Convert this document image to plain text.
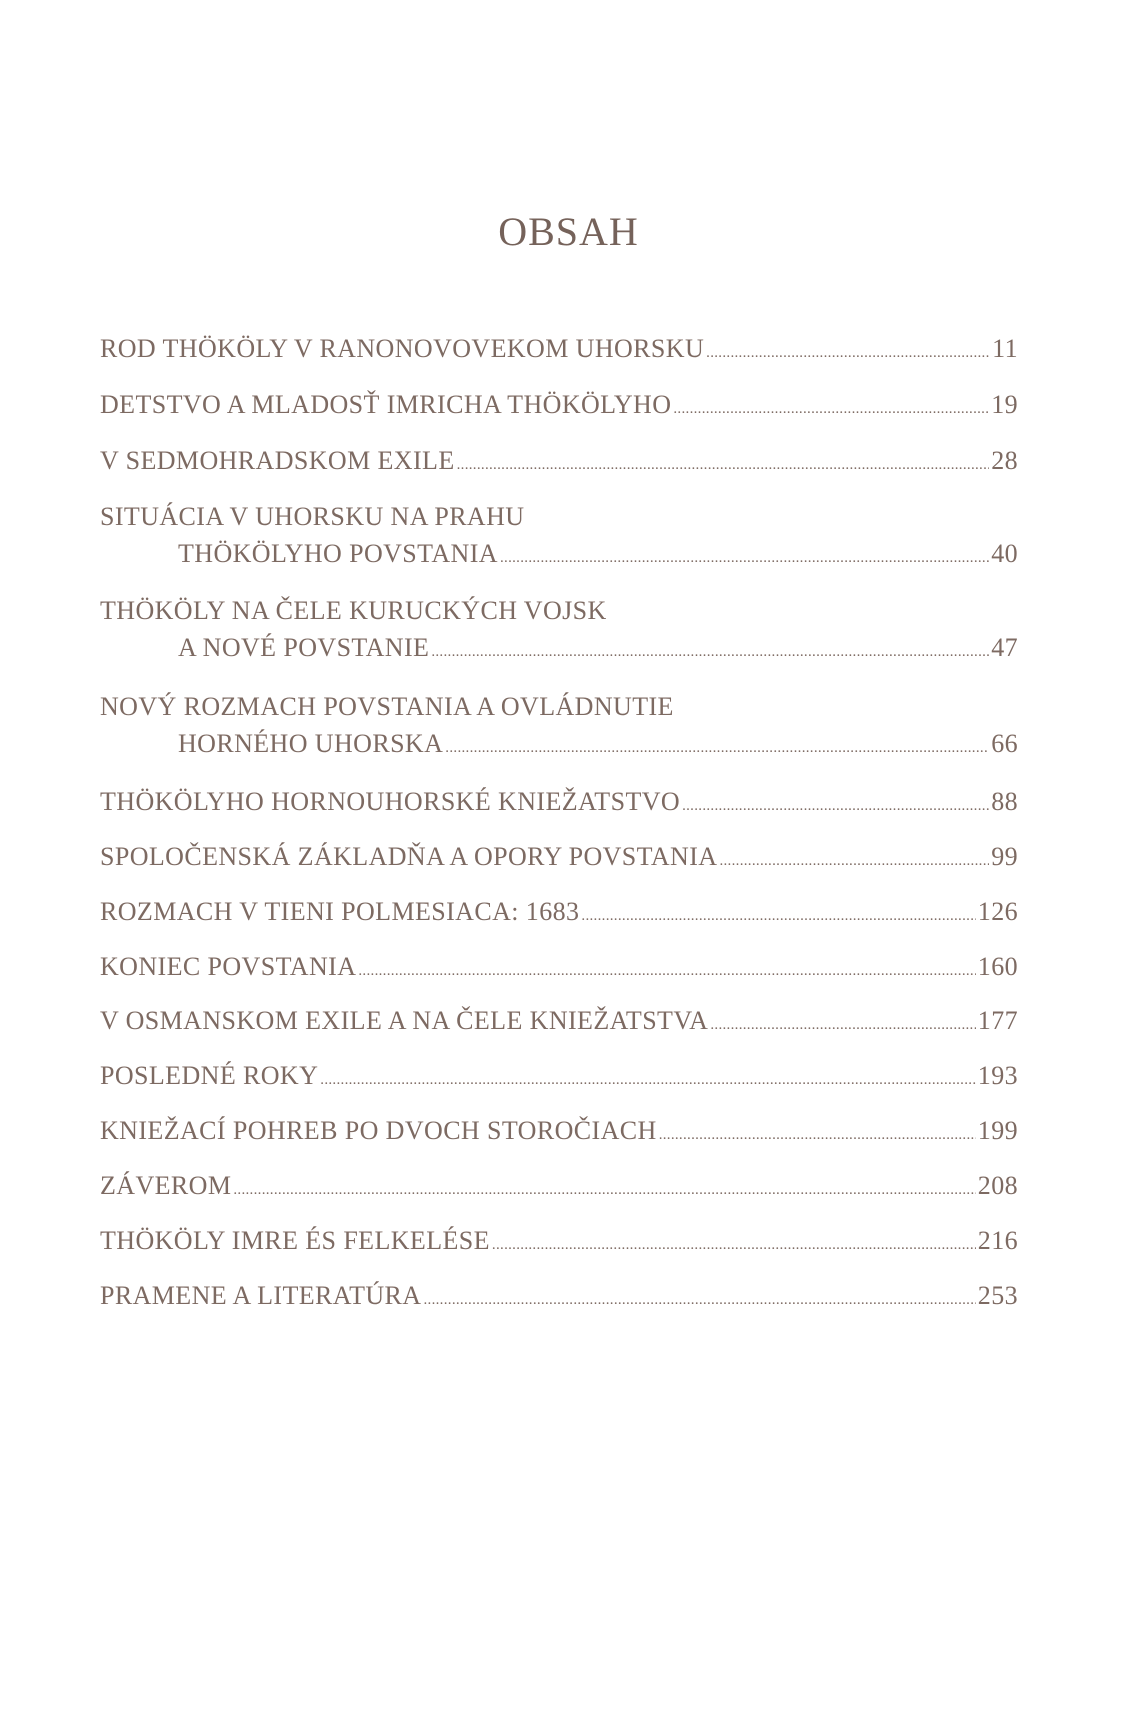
OBSAH
ROD THÖKÖLY V RANONOVOVEKOM UHORSKU .....	11
DETSTVO A MLADOSŤ IMRICHA THÖKÖLYHO .....	19
V SEDMOHRADSKOM EXILE .....	28
SITUÁCIA V UHORSKU NA PRAHU
THÖKÖLYHO POVSTANIA .....	40
THÖKÖLY NA ČELE KURUCKÝCH VOJSK
A NOVÉ POVSTANIE .....	47
NOVÝ ROZMACH POVSTANIA A OVLÁDNUTIE
HORNÉHO UHORSKA .....	66
THÖKÖLYHO HORNOUHORSKÉ KNIEŽATSTVO .....	88
SPOLOČENSKÁ ZÁKLADŇA A OPORY POVSTANIA .....	99
ROZMACH V TIENI POLMESIACA: 1683 .....	126
KONIEC POVSTANIA .....	160
V OSMANSKOM EXILE A NA ČELE KNIEŽATSTVA .....	177
POSLEDNÉ ROKY .....	193
KNIEŽACÍ POHREB PO DVOCH STOROČIACH .....	199
ZÁVEROM .....	208
THÖKÖLY IMRE ÉS FELKELÉSE .....	216
PRAMENE A LITERATÚRA .....	253
